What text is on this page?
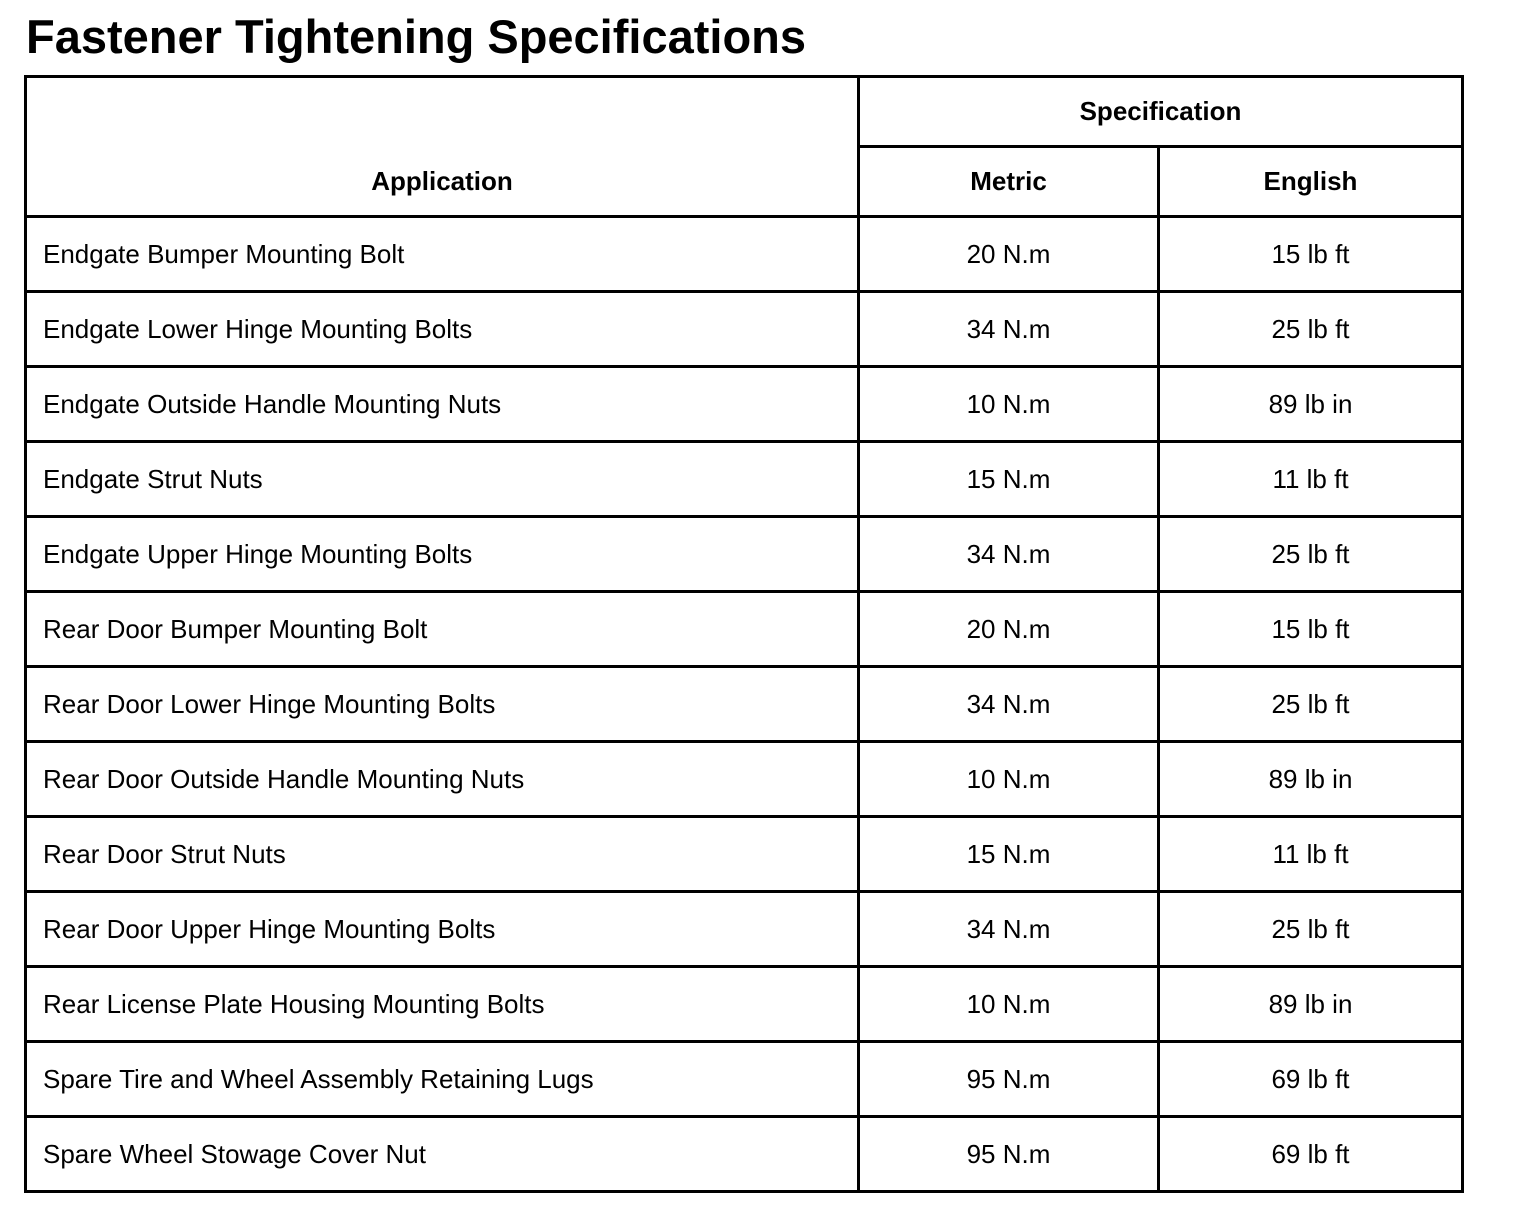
Fastener Tightening Specifications
Application	Specification	
	Metric	English
Endgate Bumper Mounting Bolt	20 N.m	15 lb ft
Endgate Lower Hinge Mounting Bolts	34 N.m	25 lb ft
Endgate Outside Handle Mounting Nuts	10 N.m	89 lb in
Endgate Strut Nuts	15 N.m	11 lb ft
Endgate Upper Hinge Mounting Bolts	34 N.m	25 lb ft
Rear Door Bumper Mounting Bolt	20 N.m	15 lb ft
Rear Door Lower Hinge Mounting Bolts	34 N.m	25 lb ft
Rear Door Outside Handle Mounting Nuts	10 N.m	89 lb in
Rear Door Strut Nuts	15 N.m	11 lb ft
Rear Door Upper Hinge Mounting Bolts	34 N.m	25 lb ft
Rear License Plate Housing Mounting Bolts	10 N.m	89 lb in
Spare Tire and Wheel Assembly Retaining Lugs	95 N.m	69 lb ft
Spare Wheel Stowage Cover Nut	95 N.m	69 lb ft
